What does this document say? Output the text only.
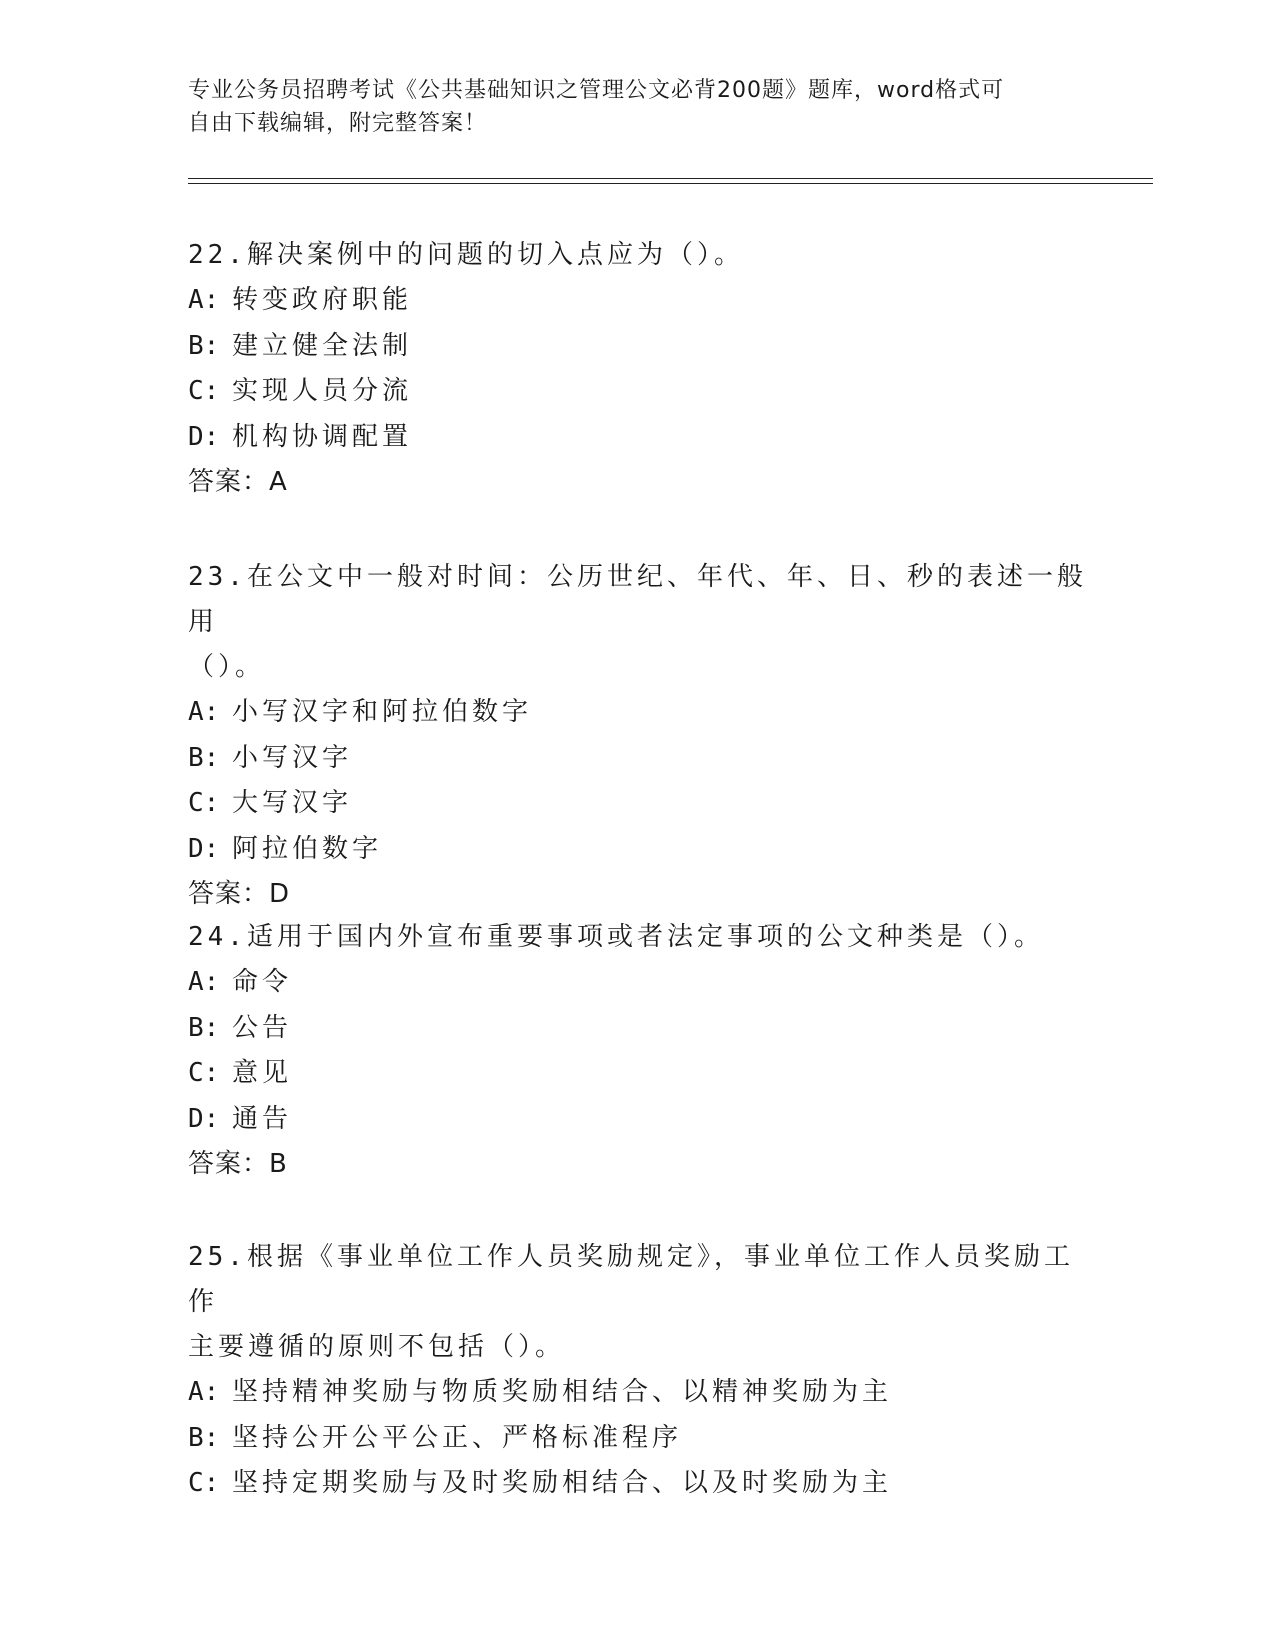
专业公务员招聘考试《公共基础知识之管理公文必背200题》题库，word格式可
自由下载编辑，附完整答案！

22.解决案例中的问题的切入点应为（）。

A: 转变政府职能

B: 建立健全法制

C: 实现人员分流

D: 机构协调配置

答案：A

23.在公文中一般对时间：公历世纪、年代、年、日、秒的表述一般用

（）。

A: 小写汉字和阿拉伯数字

B: 小写汉字

C: 大写汉字

D: 阿拉伯数字

答案：D

24.适用于国内外宣布重要事项或者法定事项的公文种类是（）。

A: 命令

B: 公告

C: 意见

D: 通告

答案：B

25.根据《事业单位工作人员奖励规定》，事业单位工作人员奖励工作

主要遵循的原则不包括（）。

A: 坚持精神奖励与物质奖励相结合、以精神奖励为主

B: 坚持公开公平公正、严格标准程序

C: 坚持定期奖励与及时奖励相结合、以及时奖励为主
